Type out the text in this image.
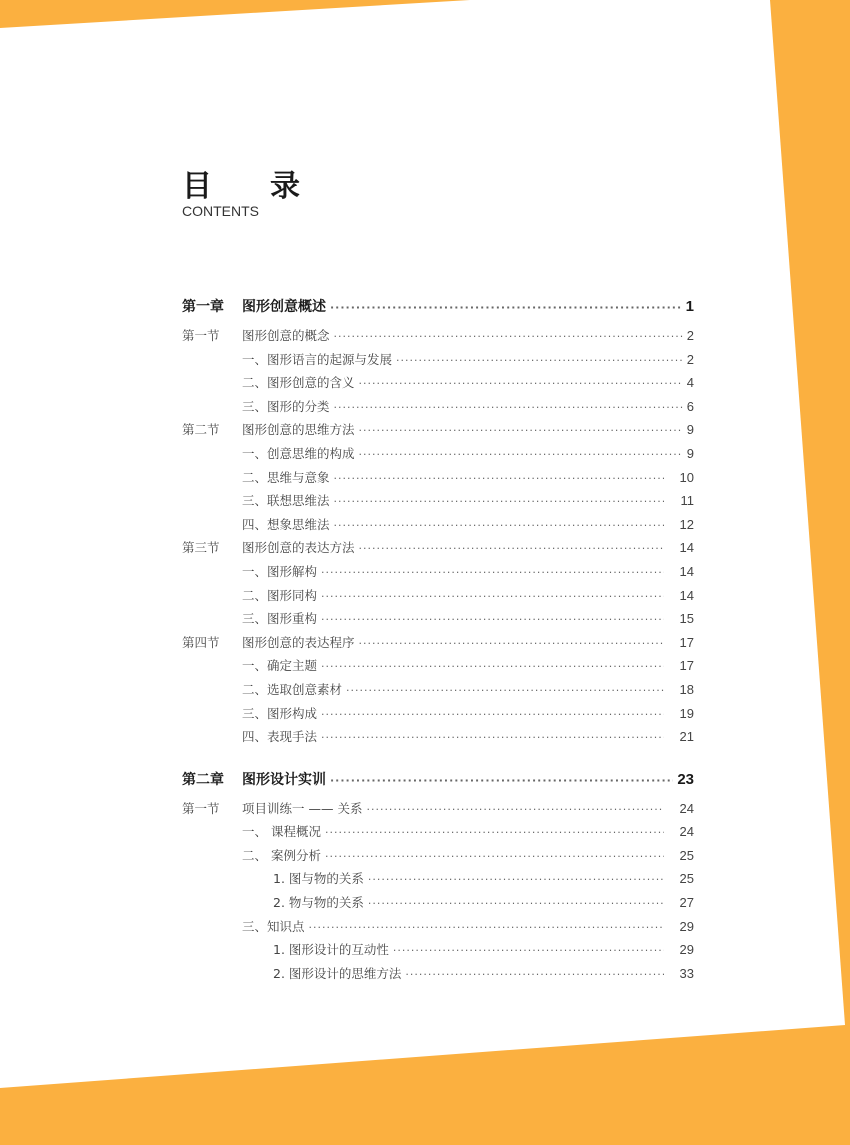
目　录
CONTENTS
第一章	图形创意概述 ·····	1
第一节	图形创意的概念 ·····	2
一、图形语言的起源与发展 ·····	2
二、图形创意的含义 ·····	4
三、图形的分类 ·····	6
第二节	图形创意的思维方法 ·····	9
一、创意思维的构成 ·····	9
二、思维与意象 ·····	10
三、联想思维法 ·····	11
四、想象思维法 ·····	12
第三节	图形创意的表达方法 ·····	14
一、图形解构 ·····	14
二、图形同构 ·····	14
三、图形重构 ·····	15
第四节	图形创意的表达程序 ·····	17
一、确定主题 ·····	17
二、选取创意素材 ·····	18
三、图形构成 ·····	19
四、表现手法 ·····	21
第二章	图形设计实训 ·····	23
第一节	项目训练一 —— 关系 ·····	24
一、 课程概况 ·····	24
二、 案例分析 ·····	25
1. 图与物的关系 ·····	25
2. 物与物的关系 ·····	27
三、知识点 ·····	29
1. 图形设计的互动性 ·····	29
2. 图形设计的思维方法 ·····	33
